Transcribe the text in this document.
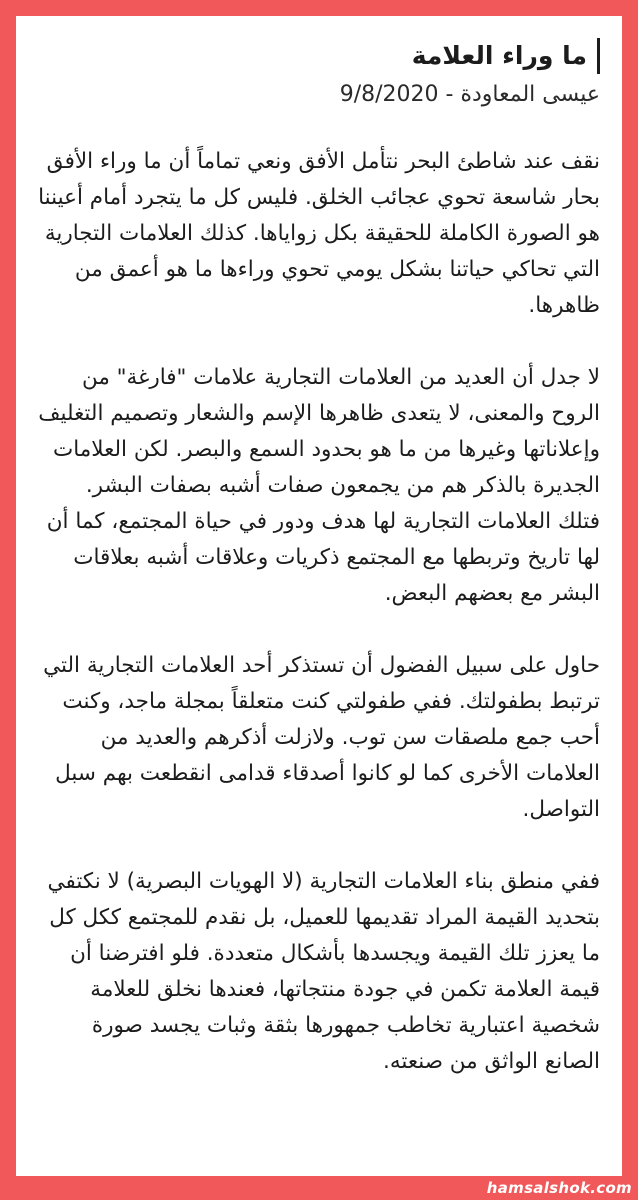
ما وراء العلامة
عيسى المعاودة - 9/8/2020

نقف عند شاطئ البحر نتأمل الأفق ونعي تماماً أن ما وراء الأفق بحار شاسعة تحوي عجائب الخلق. فليس كل ما يتجرد أمام أعيننا هو الصورة الكاملة للحقيقة بكل زواياها. كذلك العلامات التجارية التي تحاكي حياتنا بشكل يومي تحوي وراءها ما هو أعمق من ظاهرها.

لا جدل أن العديد من العلامات التجارية علامات "فارغة" من الروح والمعنى، لا يتعدى ظاهرها الإسم والشعار وتصميم التغليف وإعلاناتها وغيرها من ما هو بحدود السمع والبصر. لكن العلامات الجديرة بالذكر هم من يجمعون صفات أشبه بصفات البشر. فتلك العلامات التجارية لها هدف ودور في حياة المجتمع، كما أن لها تاريخ وتربطها مع المجتمع ذكريات وعلاقات أشبه بعلاقات البشر مع بعضهم البعض.

حاول على سبيل الفضول أن تستذكر أحد العلامات التجارية التي ترتبط بطفولتك. ففي طفولتي كنت متعلقاً بمجلة ماجد، وكنت أحب جمع ملصقات سن توب. ولازلت أذكرهم والعديد من العلامات الأخرى كما لو كانوا أصدقاء قدامى انقطعت بهم سبل التواصل.

ففي منطق بناء العلامات التجارية (لا الهويات البصرية) لا نكتفي بتحديد القيمة المراد تقديمها للعميل، بل نقدم للمجتمع ككل كل ما يعزز تلك القيمة ويجسدها بأشكال متعددة. فلو افترضنا أن قيمة العلامة تكمن في جودة منتجاتها، فعندها نخلق للعلامة شخصية اعتبارية تخاطب جمهورها بثقة وثبات يجسد صورة الصانع الواثق من صنعته.

hamsalshok.com
